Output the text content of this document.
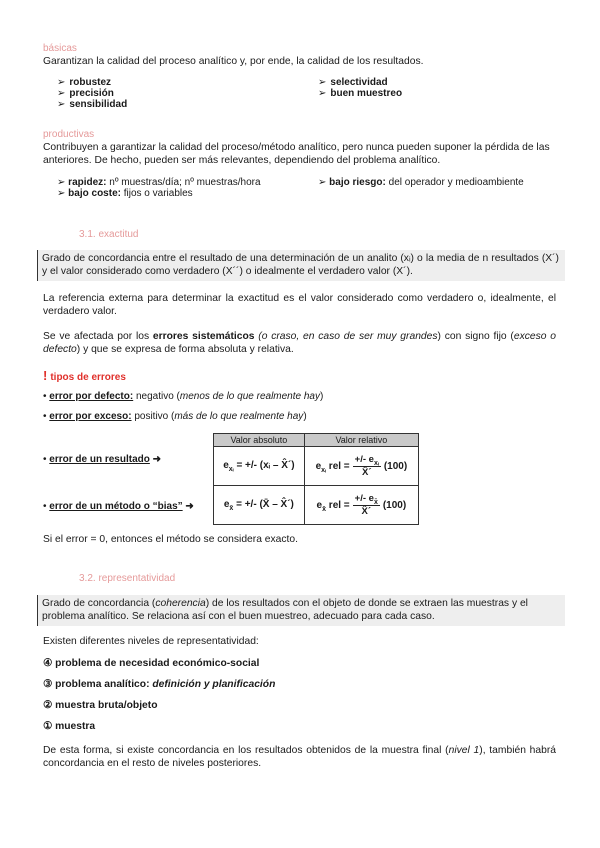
básicas
Garantizan la calidad del proceso analítico y, por ende, la calidad de los resultados.
➢ robustez
➢ precisión
➢ sensibilidad
➢ selectividad
➢ buen muestreo
productivas
Contribuyen a garantizar la calidad del proceso/método analítico, pero nunca pueden suponer la pérdida de las anteriores. De hecho, pueden ser más relevantes, dependiendo del problema analítico.
➢ rapidez: nº muestras/día; nº muestras/hora
➢ bajo coste: fijos o variables
➢ bajo riesgo: del operador y medioambiente
3.1. exactitud
Grado de concordancia entre el resultado de una determinación de un analito (xᵢ) o la media de n resultados (X´) y el valor considerado como verdadero (X´´) o idealmente el verdadero valor (X´).
La referencia externa para determinar la exactitud es el valor considerado como verdadero o, idealmente, el verdadero valor.
Se ve afectada por los errores sistemáticos (o craso, en caso de ser muy grandes) con signo fijo (exceso o defecto) y que se expresa de forma absoluta y relativa.
! tipos de errores
• error por defecto: negativo (menos de lo que realmente hay)
• error por exceso: positivo (más de lo que realmente hay)
• error de un resultado ➜
• error de un método o “bias” ➜
Valor absoluto	Valor relativo
$e_{xᵢ}$ = +/- (xᵢ – X̂´)	$e_{xᵢ}$ rel = $\frac{+/- e_{xᵢ}}{X̂´} (100)$
$e_{x̄}$ = +/- (X̄ – X̂´)	$e_{x̄}$ rel = $\frac{+/- e_{x̄}}{X̂´} (100)$
Si el error = 0, entonces el método se considera exacto.
3.2. representatividad
Grado de concordancia (coherencia) de los resultados con el objeto de donde se extraen las muestras y el problema analítico. Se relaciona así con el buen muestreo, adecuado para cada caso.
Existen diferentes niveles de representatividad:
④ problema de necesidad económico-social
③ problema analítico: definición y planificación
② muestra bruta/objeto
① muestra
De esta forma, si existe concordancia en los resultados obtenidos de la muestra final (nivel 1), también habrá concordancia en el resto de niveles posteriores.
